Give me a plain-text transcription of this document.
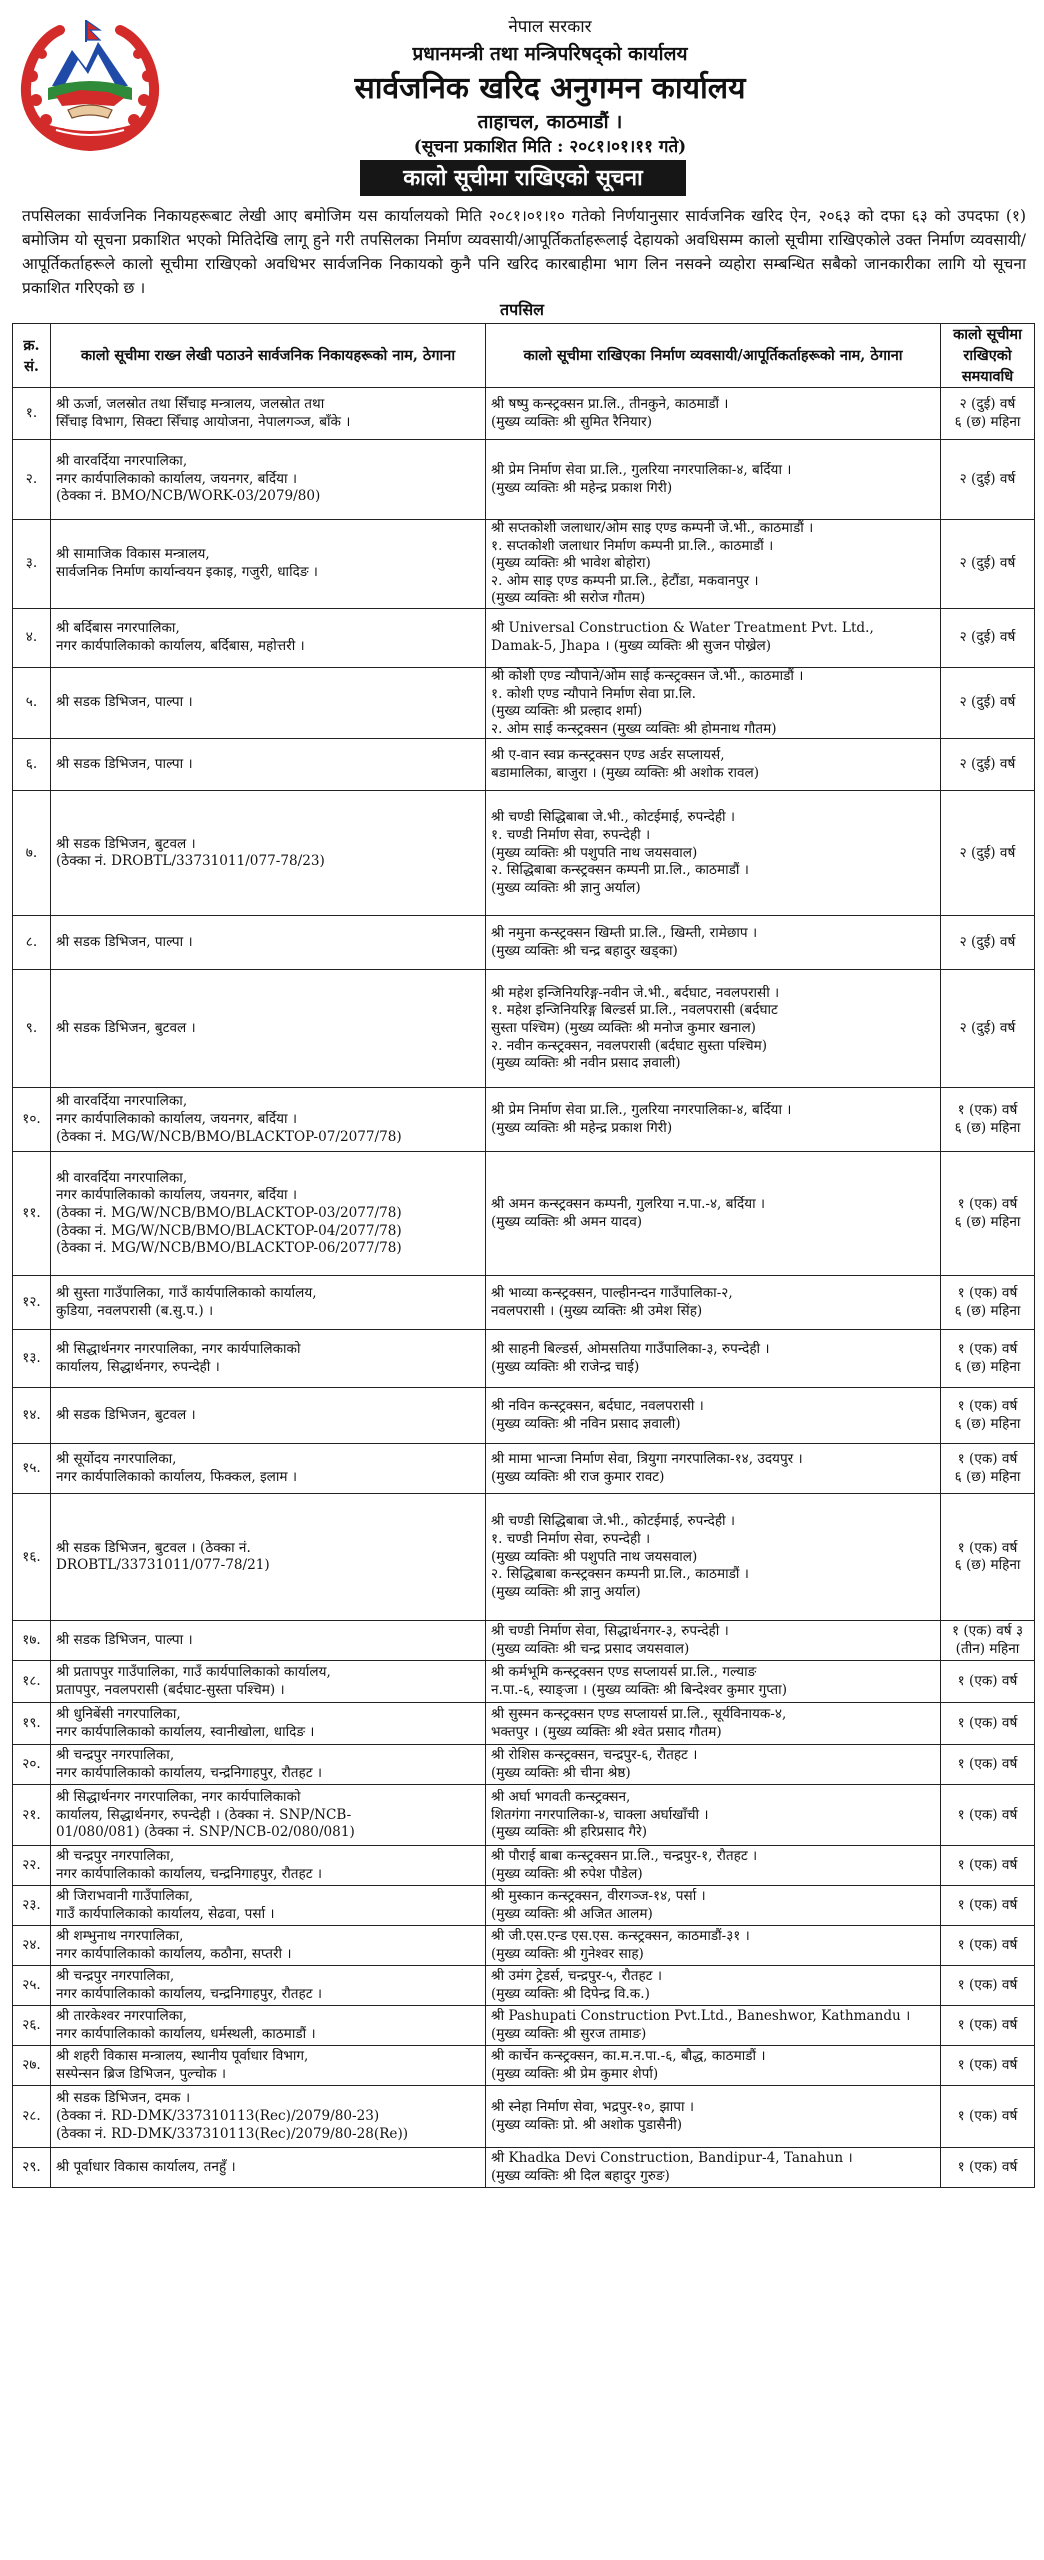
नेपाल सरकार
प्रधानमन्त्री तथा मन्त्रिपरिषद्को कार्यालय
सार्वजनिक खरिद अनुगमन कार्यालय
ताहाचल, काठमाडौं ।
(सूचना प्रकाशित मिति : २०८१।०१।११ गते)
कालो सूचीमा राखिएको सूचना

तपसिलका सार्वजनिक निकायहरूबाट लेखी आए बमोजिम यस कार्यालयको मिति २०८१।०१।१० गतेको निर्णयानुसार सार्वजनिक खरिद ऐन, २०६३ को दफा ६३ को उपदफा (१) बमोजिम यो सूचना प्रकाशित भएको मितिदेखि लागू हुने गरी तपसिलका निर्माण व्यवसायी/आपूर्तिकर्ताहरूलाई देहायको अवधिसम्म कालो सूचीमा राखिएकोले उक्त निर्माण व्यवसायी/आपूर्तिकर्ताहरूले कालो सूचीमा राखिएको अवधिभर सार्वजनिक निकायको कुनै पनि खरिद कारबाहीमा भाग लिन नसक्ने व्यहोरा सम्बन्धित सबैको जानकारीका लागि यो सूचना प्रकाशित गरिएको छ ।

तपसिल
क्र. सं.	कालो सूचीमा राख्न लेखी पठाउने सार्वजनिक निकायहरूको नाम, ठेगाना	कालो सूचीमा राखिएका निर्माण व्यवसायी/आपूर्तिकर्ताहरूको नाम, ठेगाना	कालो सूचीमा राखिएको समयावधि
१.	श्री ऊर्जा, जलस्रोत तथा सिँचाइ मन्त्रालय, जलस्रोत तथा
सिँचाइ विभाग, सिक्टा सिँचाइ आयोजना, नेपालगञ्ज, बाँके ।	श्री षष्पु कन्स्ट्रक्सन प्रा.लि., तीनकुने, काठमाडौं ।
(मुख्य व्यक्तिः श्री सुमित रैनियार)	२ (दुई) वर्ष
६ (छ) महिना

२.	श्री वारवर्दिया नगरपालिका,
नगर कार्यपालिकाको कार्यालय, जयनगर, बर्दिया ।
(ठेक्का नं. BMO/NCB/WORK-03/2079/80)	श्री प्रेम निर्माण सेवा प्रा.लि., गुलरिया नगरपालिका-४, बर्दिया ।
(मुख्य व्यक्तिः श्री महेन्द्र प्रकाश गिरी)	२ (दुई) वर्ष

३.	श्री सामाजिक विकास मन्त्रालय,
सार्वजनिक निर्माण कार्यान्वयन इकाइ, गजुरी, धादिङ ।	श्री सप्तकोशी जलाधार/ओम साइ एण्ड कम्पनी जे.भी., काठमाडौं ।
१. सप्तकोशी जलाधार निर्माण कम्पनी प्रा.लि., काठमाडौं ।
(मुख्य व्यक्तिः श्री भावेश बोहोरा)
२. ओम साइ एण्ड कम्पनी प्रा.लि., हेटौंडा, मकवानपुर ।
(मुख्य व्यक्तिः श्री सरोज गौतम)	२ (दुई) वर्ष

४.	श्री बर्दिबास नगरपालिका,
नगर कार्यपालिकाको कार्यालय, बर्दिबास, महोत्तरी ।	श्री Universal Construction & Water Treatment Pvt. Ltd.,
Damak-5, Jhapa । (मुख्य व्यक्तिः श्री सुजन पोख्रेल)	२ (दुई) वर्ष

५.	श्री सडक डिभिजन, पाल्पा ।	श्री कोशी एण्ड न्यौपाने/ओम साई कन्स्ट्रक्सन जे.भी., काठमाडौं ।
१. कोशी एण्ड न्यौपाने निर्माण सेवा प्रा.लि.
(मुख्य व्यक्तिः श्री प्रल्हाद शर्मा)
२. ओम साई कन्स्ट्रक्सन (मुख्य व्यक्तिः श्री होमनाथ गौतम)	२ (दुई) वर्ष

६.	श्री सडक डिभिजन, पाल्पा ।	श्री ए-वान स्वप्न कन्स्ट्रक्सन एण्ड अर्डर सप्लायर्स,
बडामालिका, बाजुरा । (मुख्य व्यक्तिः श्री अशोक रावल)	२ (दुई) वर्ष

७.	श्री सडक डिभिजन, बुटवल ।
(ठेक्का नं. DROBTL/33731011/077-78/23)	श्री चण्डी सिद्धिबाबा जे.भी., कोटईमाई, रुपन्देही ।
१. चण्डी निर्माण सेवा, रुपन्देही ।
(मुख्य व्यक्तिः श्री पशुपति नाथ जयसवाल)
२. सिद्धिबाबा कन्स्ट्रक्सन कम्पनी प्रा.लि., काठमाडौं ।
(मुख्य व्यक्तिः श्री ज्ञानु अर्याल)	२ (दुई) वर्ष

८.	श्री सडक डिभिजन, पाल्पा ।	श्री नमुना कन्स्ट्रक्सन खिम्ती प्रा.लि., खिम्ती, रामेछाप ।
(मुख्य व्यक्तिः श्री चन्द्र बहादुर खड्का)	२ (दुई) वर्ष

९.	श्री सडक डिभिजन, बुटवल ।	श्री महेश इन्जिनियरिङ्ग-नवीन जे.भी., बर्दघाट, नवलपरासी ।
१. महेश इन्जिनियरिङ्ग बिल्डर्स प्रा.लि., नवलपरासी (बर्दघाट
सुस्ता पश्चिम) (मुख्य व्यक्तिः श्री मनोज कुमार खनाल)
२. नवीन कन्स्ट्रक्सन, नवलपरासी (बर्दघाट सुस्ता पश्चिम)
(मुख्य व्यक्तिः श्री नवीन प्रसाद ज्ञवाली)	२ (दुई) वर्ष

१०.	श्री वारवर्दिया नगरपालिका,
नगर कार्यपालिकाको कार्यालय, जयनगर, बर्दिया ।
(ठेक्का नं. MG/W/NCB/BMO/BLACKTOP-07/2077/78)	श्री प्रेम निर्माण सेवा प्रा.लि., गुलरिया नगरपालिका-४, बर्दिया ।
(मुख्य व्यक्तिः श्री महेन्द्र प्रकाश गिरी)	१ (एक) वर्ष
६ (छ) महिना

११.	श्री वारवर्दिया नगरपालिका,
नगर कार्यपालिकाको कार्यालय, जयनगर, बर्दिया ।
(ठेक्का नं. MG/W/NCB/BMO/BLACKTOP-03/2077/78)
(ठेक्का नं. MG/W/NCB/BMO/BLACKTOP-04/2077/78)
(ठेक्का नं. MG/W/NCB/BMO/BLACKTOP-06/2077/78)	श्री अमन कन्स्ट्रक्सन कम्पनी, गुलरिया न.पा.-४, बर्दिया ।
(मुख्य व्यक्तिः श्री अमन यादव)	१ (एक) वर्ष
६ (छ) महिना

१२.	श्री सुस्ता गाउँपालिका, गाउँ कार्यपालिकाको कार्यालय,
कुडिया, नवलपरासी (ब.सु.प.) ।	श्री भाव्या कन्स्ट्रक्सन, पाल्हीनन्दन गाउँपालिका-२,
नवलपरासी । (मुख्य व्यक्तिः श्री उमेश सिंह)	१ (एक) वर्ष
६ (छ) महिना

१३.	श्री सिद्धार्थनगर नगरपालिका, नगर कार्यपालिकाको
कार्यालय, सिद्धार्थनगर, रुपन्देही ।	श्री साहनी बिल्डर्स, ओमसतिया गाउँपालिका-३, रुपन्देही ।
(मुख्य व्यक्तिः श्री राजेन्द्र चाई)	१ (एक) वर्ष
६ (छ) महिना

१४.	श्री सडक डिभिजन, बुटवल ।	श्री नविन कन्स्ट्रक्सन, बर्दघाट, नवलपरासी ।
(मुख्य व्यक्तिः श्री नविन प्रसाद ज्ञवाली)	१ (एक) वर्ष
६ (छ) महिना

१५.	श्री सूर्योदय नगरपालिका,
नगर कार्यपालिकाको कार्यालय, फिक्कल, इलाम ।	श्री मामा भान्जा निर्माण सेवा, त्रियुगा नगरपालिका-१४, उदयपुर ।
(मुख्य व्यक्तिः श्री राज कुमार रावट)	१ (एक) वर्ष
६ (छ) महिना

१६.	श्री सडक डिभिजन, बुटवल । (ठेक्का नं.
DROBTL/33731011/077-78/21)	श्री चण्डी सिद्धिबाबा जे.भी., कोटईमाई, रुपन्देही ।
१. चण्डी निर्माण सेवा, रुपन्देही ।
(मुख्य व्यक्तिः श्री पशुपति नाथ जयसवाल)
२. सिद्धिबाबा कन्स्ट्रक्सन कम्पनी प्रा.लि., काठमाडौं ।
(मुख्य व्यक्तिः श्री ज्ञानु अर्याल)	१ (एक) वर्ष
६ (छ) महिना

१७.	श्री सडक डिभिजन, पाल्पा ।	श्री चण्डी निर्माण सेवा, सिद्धार्थनगर-३, रुपन्देही ।
(मुख्य व्यक्तिः श्री चन्द्र प्रसाद जयसवाल)	१ (एक) वर्ष ३
(तीन) महिना

१८.	श्री प्रतापपुर गाउँपालिका, गाउँ कार्यपालिकाको कार्यालय,
प्रतापपुर, नवलपरासी (बर्दघाट-सुस्ता पश्चिम) ।	श्री कर्मभूमि कन्स्ट्रक्सन एण्ड सप्लायर्स प्रा.लि., गल्याङ
न.पा.-६, स्याङ्जा । (मुख्य व्यक्तिः श्री बिन्देश्वर कुमार गुप्ता)	१ (एक) वर्ष

१९.	श्री धुनिबेंसी नगरपालिका,
नगर कार्यपालिकाको कार्यालय, स्वानीखोला, धादिङ ।	श्री सुस्मन कन्स्ट्रक्सन एण्ड सप्लायर्स प्रा.लि., सूर्यविनायक-४,
भक्तपुर । (मुख्य व्यक्तिः श्री श्वेत प्रसाद गौतम)	१ (एक) वर्ष

२०.	श्री चन्द्रपुर नगरपालिका,
नगर कार्यपालिकाको कार्यालय, चन्द्रनिगाहपुर, रौतहट ।	श्री रोशिस कन्स्ट्रक्सन, चन्द्रपुर-६, रौतहट ।
(मुख्य व्यक्तिः श्री चीना श्रेष्ठ)	१ (एक) वर्ष

२१.	श्री सिद्धार्थनगर नगरपालिका, नगर कार्यपालिकाको
कार्यालय, सिद्धार्थनगर, रुपन्देही । (ठेक्का नं. SNP/NCB-
01/080/081) (ठेक्का नं. SNP/NCB-02/080/081)	श्री अर्घा भगवती कन्स्ट्रक्सन,
शितगंगा नगरपालिका-४, चाक्ला अर्घाखाँची ।
(मुख्य व्यक्तिः श्री हरिप्रसाद गैरे)	१ (एक) वर्ष

२२.	श्री चन्द्रपुर नगरपालिका,
नगर कार्यपालिकाको कार्यालय, चन्द्रनिगाहपुर, रौतहट ।	श्री पौराई बाबा कन्स्ट्रक्सन प्रा.लि., चन्द्रपुर-१, रौतहट ।
(मुख्य व्यक्तिः श्री रुपेश पौडेल)	१ (एक) वर्ष

२३.	श्री जिराभवानी गाउँपालिका,
गाउँ कार्यपालिकाको कार्यालय, सेढवा, पर्सा ।	श्री मुस्कान कन्स्ट्रक्सन, वीरगञ्ज-१४, पर्सा ।
(मुख्य व्यक्तिः श्री अजित आलम)	१ (एक) वर्ष

२४.	श्री शम्भुनाथ नगरपालिका,
नगर कार्यपालिकाको कार्यालय, कठौना, सप्तरी ।	श्री जी.एस.एन्ड एस.एस. कन्स्ट्रक्सन, काठमाडौं-३१ ।
(मुख्य व्यक्तिः श्री गुनेश्वर साह)	१ (एक) वर्ष

२५.	श्री चन्द्रपुर नगरपालिका,
नगर कार्यपालिकाको कार्यालय, चन्द्रनिगाहपुर, रौतहट ।	श्री उमंग ट्रेडर्स, चन्द्रपुर-५, रौतहट ।
(मुख्य व्यक्तिः श्री दिपेन्द्र वि.क.)	१ (एक) वर्ष

२६.	श्री तारकेश्वर नगरपालिका,
नगर कार्यपालिकाको कार्यालय, धर्मस्थली, काठमाडौं ।	श्री Pashupati Construction Pvt.Ltd., Baneshwor, Kathmandu ।
(मुख्य व्यक्तिः श्री सुरज तामाङ)	१ (एक) वर्ष

२७.	श्री शहरी विकास मन्त्रालय, स्थानीय पूर्वाधार विभाग,
सस्पेन्सन ब्रिज डिभिजन, पुल्चोक ।	श्री कार्चेन कन्स्ट्रक्सन, का.म.न.पा.-६, बौद्ध, काठमाडौं ।
(मुख्य व्यक्तिः श्री प्रेम कुमार शेर्पा)	१ (एक) वर्ष

२८.	श्री सडक डिभिजन, दमक ।
(ठेक्का नं. RD-DMK/337310113(Rec)/2079/80-23)
(ठेक्का नं. RD-DMK/337310113(Rec)/2079/80-28(Re))	श्री स्नेहा निर्माण सेवा, भद्रपुर-१०, झापा ।
(मुख्य व्यक्तिः प्रो. श्री अशोक पुडासैनी)	१ (एक) वर्ष

२९.	श्री पूर्वाधार विकास कार्यालय, तनहुँ ।	श्री Khadka Devi Construction, Bandipur-4, Tanahun ।
(मुख्य व्यक्तिः श्री दिल बहादुर गुरुङ)	१ (एक) वर्ष
